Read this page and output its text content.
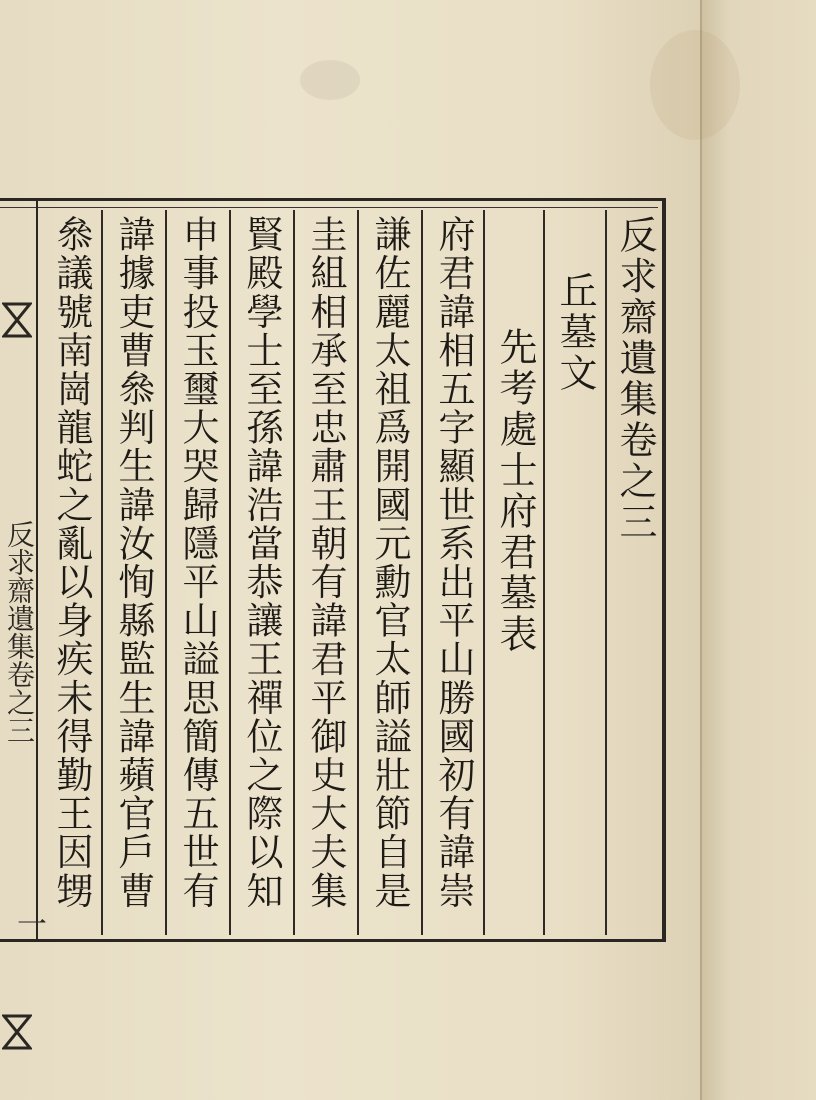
反求齋遺集卷之三
一
反求齋遺集卷之三
丘墓文
先考處士府君墓表
府君諱相五字顯世系出平山勝國初有諱崇
謙佐麗太祖爲開國元勳官太師謚壯節自是
圭組相承至忠肅王朝有諱君平御史大夫集
賢殿學士至孫諱浩當恭讓王禪位之際以知
申事投玉璽大哭歸隱平山謚思簡傳五世有
諱據吏曹叅判生諱汝恂縣監生諱蘋官戶曹
叅議號南崗龍蛇之亂以身疾未得勤王因甥
